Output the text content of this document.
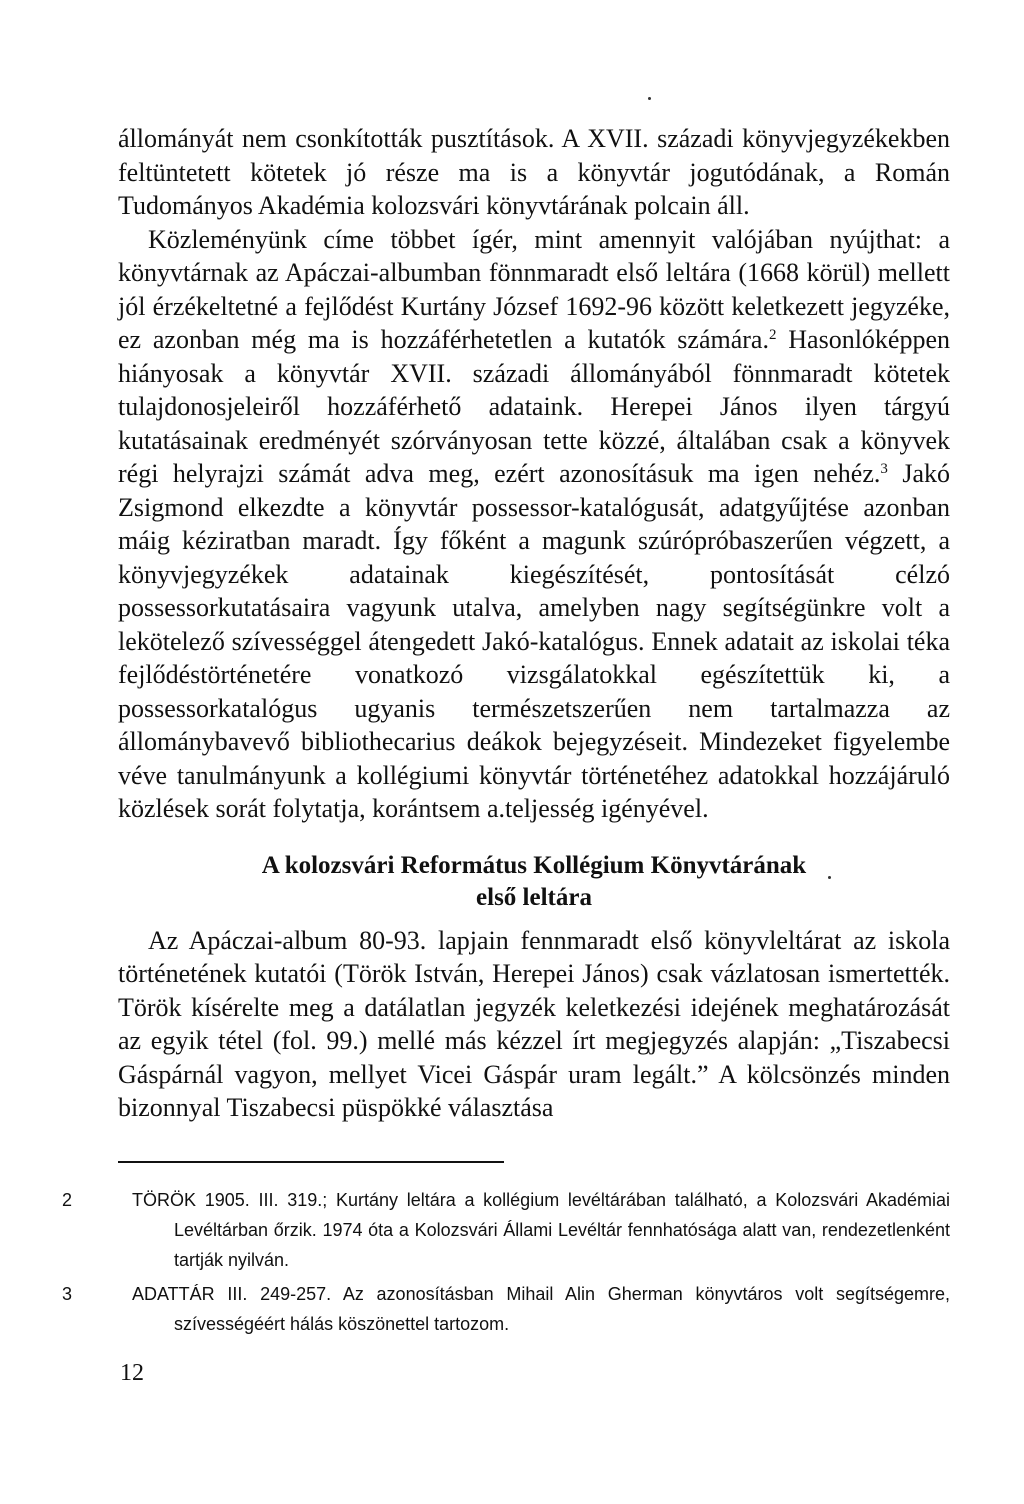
állományát nem csonkították pusztítások. A XVII. századi könyvjegyzékekben feltüntetett kötetek jó része ma is a könyvtár jogutódának, a Román Tudományos Akadémia kolozsvári könyvtárának polcain áll.

Közleményünk címe többet ígér, mint amennyit valójában nyújthat: a könyvtárnak az Apáczai-albumban fönnmaradt első leltára (1668 körül) mellett jól érzékeltetné a fejlődést Kurtány József 1692-96 között keletkezett jegyzéke, ez azonban még ma is hozzáférhetetlen a kutatók számára.$^2$ Hasonlóképpen hiányosak a könyvtár XVII. századi állományából fönnmaradt kötetek tulajdonosjeleiről hozzáférhető adataink. Herepei János ilyen tárgyú kutatásainak eredményét szórványosan tette közzé, általában csak a könyvek régi helyrajzi számát adva meg, ezért azonosításuk ma igen nehéz.$^3$ Jakó Zsigmond elkezdte a könyvtár possessor-katalógusát, adatgyűjtése azonban máig kéziratban maradt. Így főként a magunk szúrópróbaszerűen végzett, a könyvjegyzékek adatainak kiegészítését, pontosítását célzó possessorkutatásaira vagyunk utalva, amelyben nagy segítségünkre volt a lekötelező szívességgel átengedett Jakó-katalógus. Ennek adatait az iskolai téka fejlődéstörténetére vonatkozó vizsgálatokkal egészítettük ki, a possessorkatalógus ugyanis természetszerűen nem tartalmazza az állománybavevő bibliothecarius deákok bejegyzéseit. Mindezeket figyelembe véve tanulmányunk a kollégiumi könyvtár történetéhez adatokkal hozzájáruló közlések sorát folytatja, korántsem a.teljesség igényével.

A kolozsvári Református Kollégium Könyvtárának
első leltára

Az Apáczai-album 80-93. lapjain fennmaradt első könyvleltárat az iskola történetének kutatói (Török István, Herepei János) csak vázlatosan ismertették. Török kísérelte meg a datálatlan jegyzék keletkezési idejének meghatározását az egyik tétel (fol. 99.) mellé más kézzel írt megjegyzés alapján: „Tiszabecsi Gáspárnál vagyon, mellyet Vicei Gáspár uram legált.” A kölcsönzés minden bizonnyal Tiszabecsi püspökké választása

2	TÖRÖK 1905. III. 319.; Kurtány leltára a kollégium levéltárában található, a Kolozsvári Akadémiai Levéltárban őrzik. 1974 óta a Kolozsvári Állami Levéltár fennhatósága alatt van, rendezetlenként tartják nyilván.

3	ADATTÁR III. 249-257. Az azonosításban Mihail Alin Gherman könyvtáros volt segítségemre, szívességéért hálás köszönettel tartozom.

12
